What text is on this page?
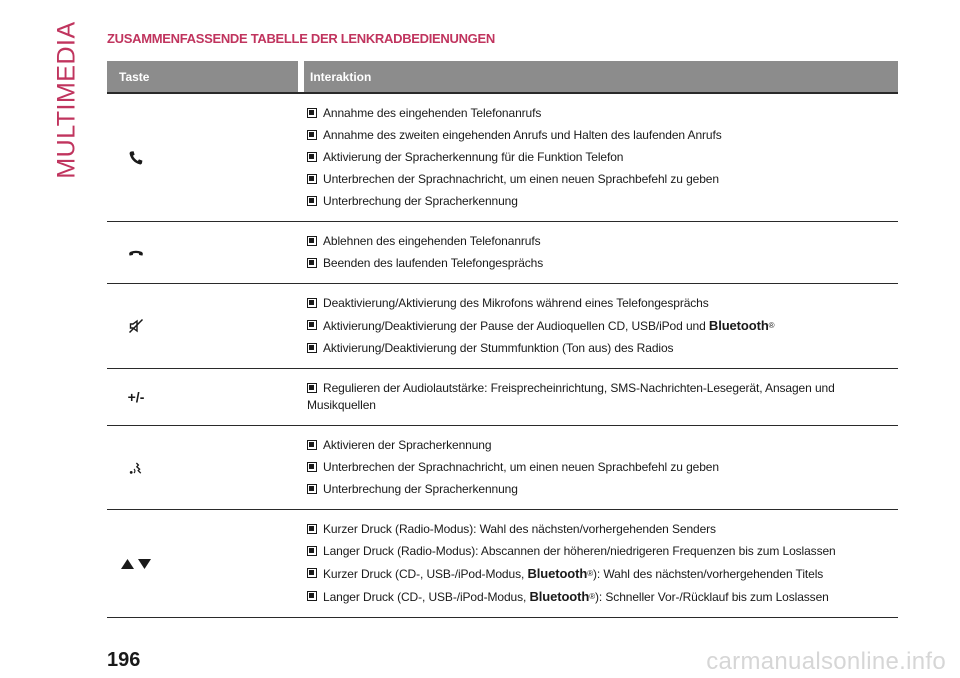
MULTIMEDIA ZUSAMMENFASSENDE TABELLE DER LENKRADBEDIENUNGEN
Taste	Interaktion
Annahme des eingehenden Telefonanrufs
Annahme des zweiten eingehenden Anrufs und Halten des laufenden Anrufs
Aktivierung der Spracherkennung für die Funktion Telefon
Unterbrechen der Sprachnachricht, um einen neuen Sprachbefehl zu geben
Unterbrechung der Spracherkennung
Ablehnen des eingehenden Telefonanrufs
Beenden des laufenden Telefongesprächs
Deaktivierung/Aktivierung des Mikrofons während eines Telefongesprächs
Aktivierung/Deaktivierung der Pause der Audioquellen CD, USB/iPod und Bluetooth®
Aktivierung/Deaktivierung der Stummfunktion (Ton aus) des Radios
+/-
Regulieren der Audiolautstärke: Freisprecheinrichtung, SMS-Nachrichten-Lesegerät, Ansagen und Musikquellen
Aktivieren der Spracherkennung
Unterbrechen der Sprachnachricht, um einen neuen Sprachbefehl zu geben
Unterbrechung der Spracherkennung
Kurzer Druck (Radio-Modus): Wahl des nächsten/vorhergehenden Senders
Langer Druck (Radio-Modus): Abscannen der höheren/niedrigeren Frequenzen bis zum Loslassen
Kurzer Druck (CD-, USB-/iPod-Modus, Bluetooth®): Wahl des nächsten/vorhergehenden Titels
Langer Druck (CD-, USB-/iPod-Modus, Bluetooth®): Schneller Vor-/Rücklauf bis zum Loslassen
196	carmanualsonline.info
